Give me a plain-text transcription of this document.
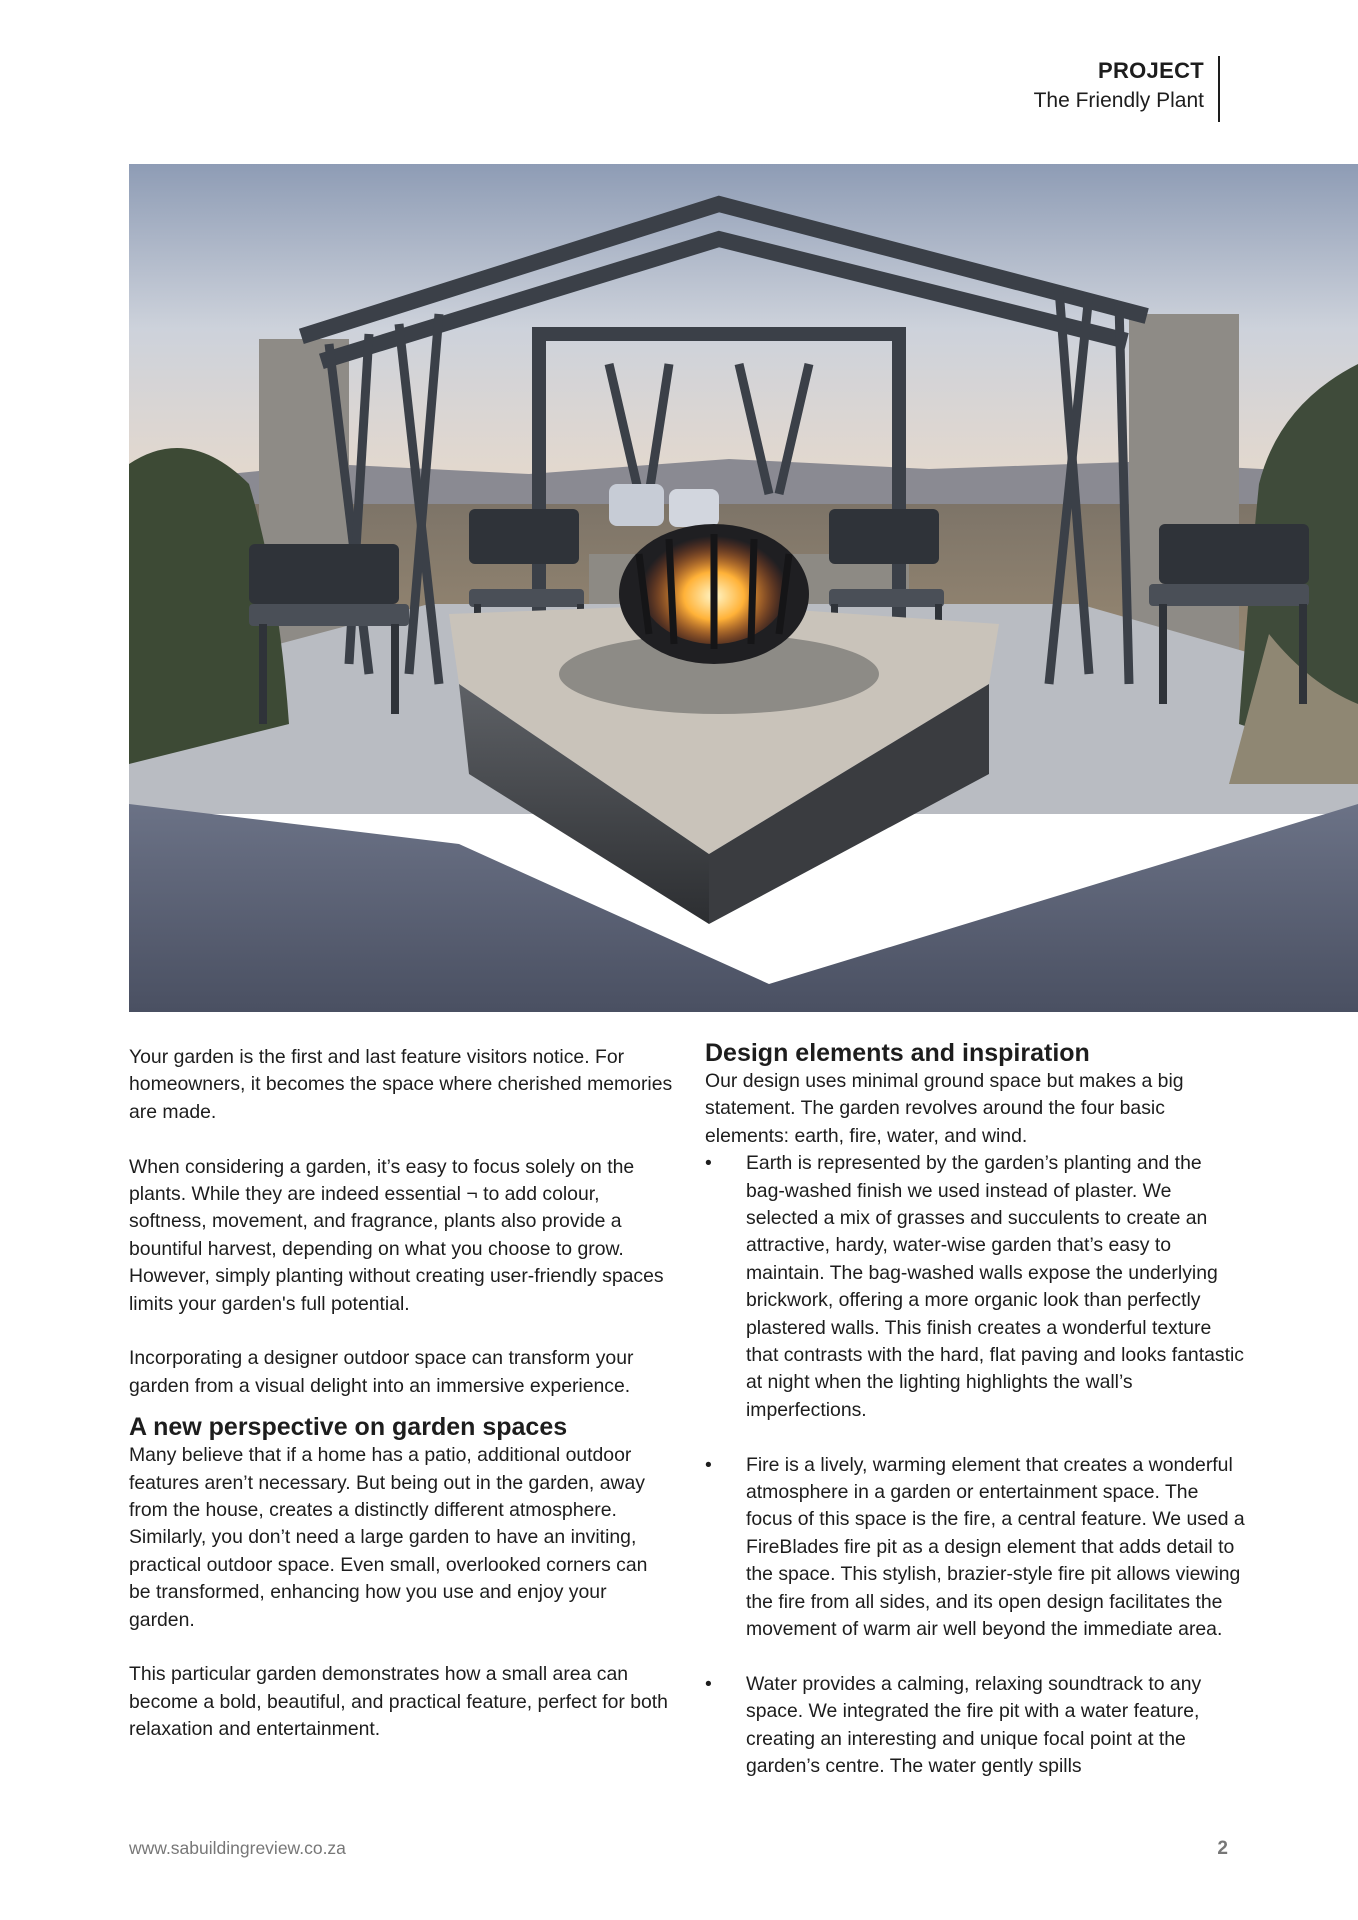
PROJECT
The Friendly Plant

Your garden is the first and last feature visitors notice. For homeowners, it becomes the space where cherished memories are made.

When considering a garden, it’s easy to focus solely on the plants. While they are indeed essential ¬ to add colour, softness, movement, and fragrance, plants also provide a bountiful harvest, depending on what you choose to grow. However, simply planting without creating user-friendly spaces limits your garden's full potential.

Incorporating a designer outdoor space can transform your garden from a visual delight into an immersive experience.

A new perspective on garden spaces

Many believe that if a home has a patio, additional outdoor features aren’t necessary. But being out in the garden, away from the house, creates a distinctly different atmosphere. Similarly, you don’t need a large garden to have an inviting, practical outdoor space. Even small, overlooked corners can be transformed, enhancing how you use and enjoy your garden.

This particular garden demonstrates how a small area can become a bold, beautiful, and practical feature, perfect for both relaxation and entertainment.

Design elements and inspiration

Our design uses minimal ground space but makes a big statement. The garden revolves around the four basic elements: earth, fire, water, and wind.

• Earth is represented by the garden’s planting and the bag-washed finish we used instead of plaster. We selected a mix of grasses and succulents to create an attractive, hardy, water-wise garden that’s easy to maintain. The bag-washed walls expose the underlying brickwork, offering a more organic look than perfectly plastered walls. This finish creates a wonderful texture that contrasts with the hard, flat paving and looks fantastic at night when the lighting highlights the wall’s imperfections.
• Fire is a lively, warming element that creates a wonderful atmosphere in a garden or entertainment space. The focus of this space is the fire, a central feature. We used a FireBlades fire pit as a design element that adds detail to the space. This stylish, brazier-style fire pit allows viewing the fire from all sides, and its open design facilitates the movement of warm air well beyond the immediate area.
• Water provides a calming, relaxing soundtrack to any space. We integrated the fire pit with a water feature, creating an interesting and unique focal point at the garden’s centre. The water gently spills
www.sabuildingreview.co.za	2
